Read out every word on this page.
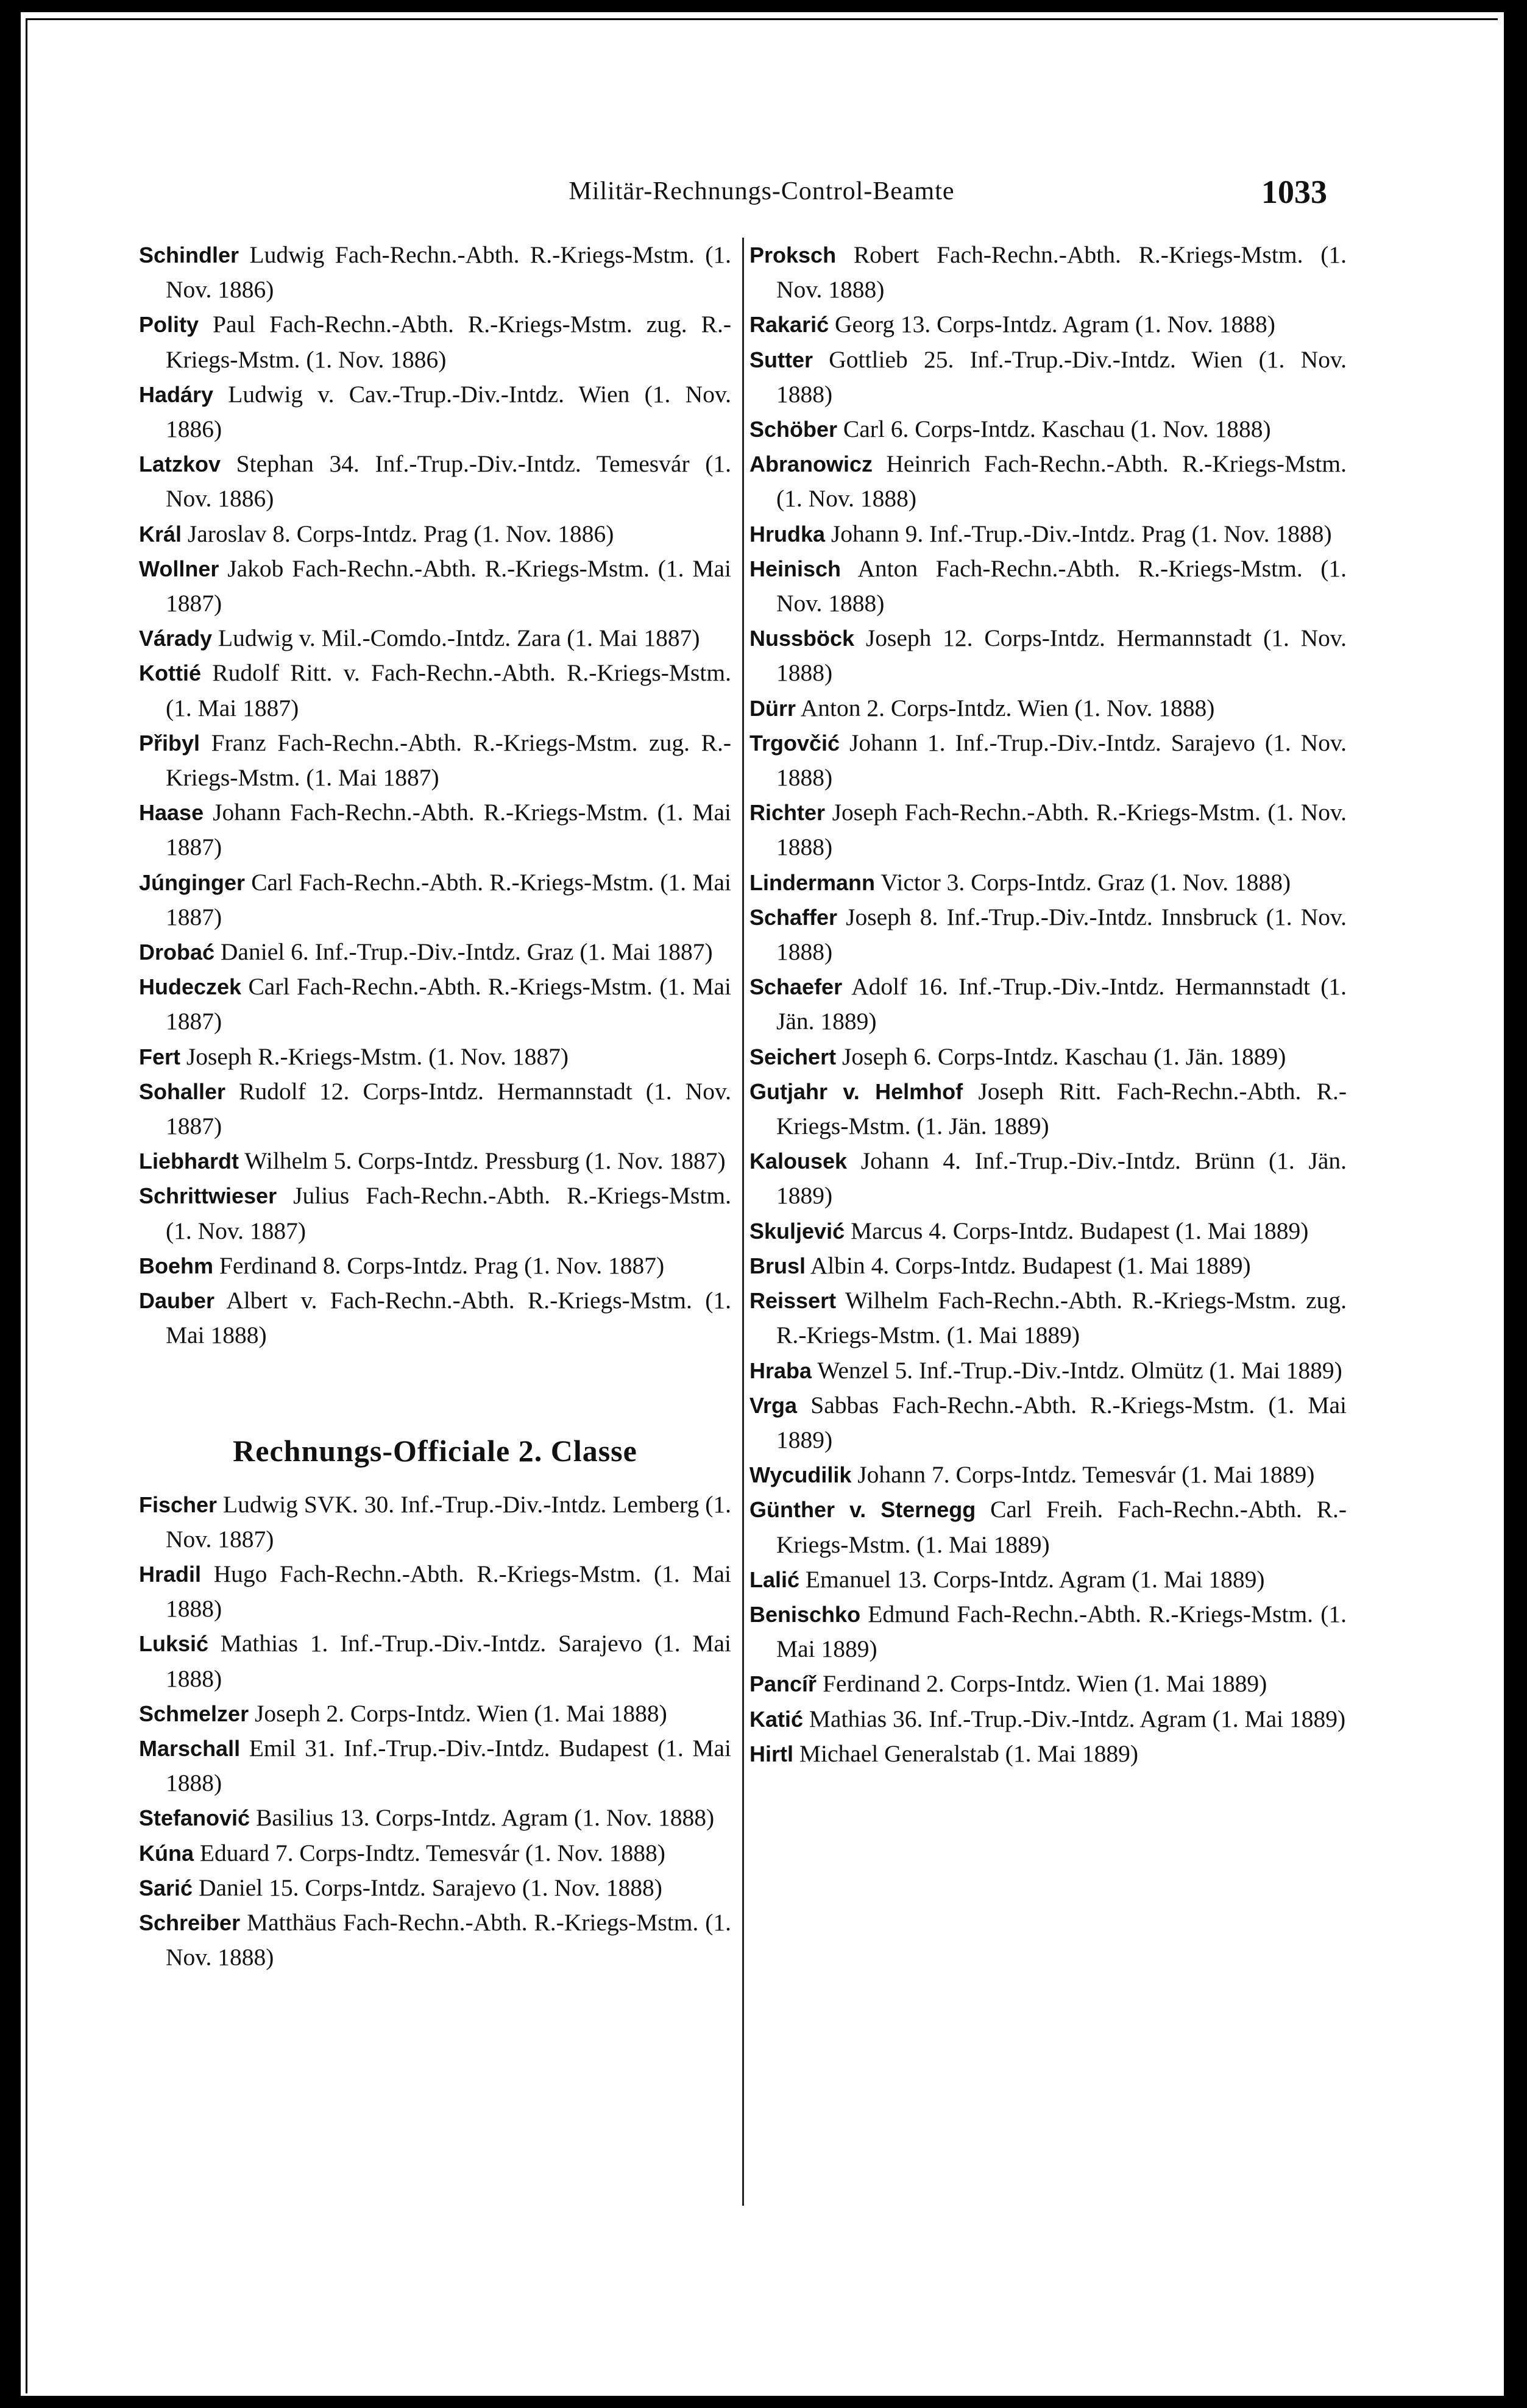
Militär-Rechnungs-Control-Beamte	1033

Schindler Ludwig Fach-Rechn.-Abth. R.-Kriegs-Mstm. (1. Nov. 1886)

Polity Paul Fach-Rechn.-Abth. R.-Kriegs-Mstm. zug. R.-Kriegs-Mstm. (1. Nov. 1886)

Hadáry Ludwig v. Cav.-Trup.-Div.-Intdz. Wien (1. Nov. 1886)

Latzkov Stephan 34. Inf.-Trup.-Div.-Intdz. Temesvár (1. Nov. 1886)

Král Jaroslav 8. Corps-Intdz. Prag (1. Nov. 1886)

Wollner Jakob Fach-Rechn.-Abth. R.-Kriegs-Mstm. (1. Mai 1887)

Várady Ludwig v. Mil.-Comdo.-Intdz. Zara (1. Mai 1887)

Kottié Rudolf Ritt. v. Fach-Rechn.-Abth. R.-Kriegs-Mstm. (1. Mai 1887)

Přibyl Franz Fach-Rechn.-Abth. R.-Kriegs-Mstm. zug. R.-Kriegs-Mstm. (1. Mai 1887)

Haase Johann Fach-Rechn.-Abth. R.-Kriegs-Mstm. (1. Mai 1887)

Júnginger Carl Fach-Rechn.-Abth. R.-Kriegs-Mstm. (1. Mai 1887)

Drobać Daniel 6. Inf.-Trup.-Div.-Intdz. Graz (1. Mai 1887)

Hudeczek Carl Fach-Rechn.-Abth. R.-Kriegs-Mstm. (1. Mai 1887)

Fert Joseph R.-Kriegs-Mstm. (1. Nov. 1887)

Sohaller Rudolf 12. Corps-Intdz. Hermannstadt (1. Nov. 1887)

Liebhardt Wilhelm 5. Corps-Intdz. Pressburg (1. Nov. 1887)

Schrittwieser Julius Fach-Rechn.-Abth. R.-Kriegs-Mstm. (1. Nov. 1887)

Boehm Ferdinand 8. Corps-Intdz. Prag (1. Nov. 1887)

Dauber Albert v. Fach-Rechn.-Abth. R.-Kriegs-Mstm. (1. Mai 1888)

Rechnungs-Officiale 2. Classe

Fischer Ludwig SVK. 30. Inf.-Trup.-Div.-Intdz. Lemberg (1. Nov. 1887)

Hradil Hugo Fach-Rechn.-Abth. R.-Kriegs-Mstm. (1. Mai 1888)

Luksić Mathias 1. Inf.-Trup.-Div.-Intdz. Sarajevo (1. Mai 1888)

Schmelzer Joseph 2. Corps-Intdz. Wien (1. Mai 1888)

Marschall Emil 31. Inf.-Trup.-Div.-Intdz. Budapest (1. Mai 1888)

Stefanović Basilius 13. Corps-Intdz. Agram (1. Nov. 1888)

Kúna Eduard 7. Corps-Indtz. Temesvár (1. Nov. 1888)

Sarić Daniel 15. Corps-Intdz. Sarajevo (1. Nov. 1888)

Schreiber Matthäus Fach-Rechn.-Abth. R.-Kriegs-Mstm. (1. Nov. 1888)

Proksch Robert Fach-Rechn.-Abth. R.-Kriegs-Mstm. (1. Nov. 1888)

Rakarić Georg 13. Corps-Intdz. Agram (1. Nov. 1888)

Sutter Gottlieb 25. Inf.-Trup.-Div.-Intdz. Wien (1. Nov. 1888)

Schöber Carl 6. Corps-Intdz. Kaschau (1. Nov. 1888)

Abranowicz Heinrich Fach-Rechn.-Abth. R.-Kriegs-Mstm. (1. Nov. 1888)

Hrudka Johann 9. Inf.-Trup.-Div.-Intdz. Prag (1. Nov. 1888)

Heinisch Anton Fach-Rechn.-Abth. R.-Kriegs-Mstm. (1. Nov. 1888)

Nussböck Joseph 12. Corps-Intdz. Hermannstadt (1. Nov. 1888)

Dürr Anton 2. Corps-Intdz. Wien (1. Nov. 1888)

Trgovčić Johann 1. Inf.-Trup.-Div.-Intdz. Sarajevo (1. Nov. 1888)

Richter Joseph Fach-Rechn.-Abth. R.-Kriegs-Mstm. (1. Nov. 1888)

Lindermann Victor 3. Corps-Intdz. Graz (1. Nov. 1888)

Schaffer Joseph 8. Inf.-Trup.-Div.-Intdz. Innsbruck (1. Nov. 1888)

Schaefer Adolf 16. Inf.-Trup.-Div.-Intdz. Hermannstadt (1. Jän. 1889)

Seichert Joseph 6. Corps-Intdz. Kaschau (1. Jän. 1889)

Gutjahr v. Helmhof Joseph Ritt. Fach-Rechn.-Abth. R.-Kriegs-Mstm. (1. Jän. 1889)

Kalousek Johann 4. Inf.-Trup.-Div.-Intdz. Brünn (1. Jän. 1889)

Skuljević Marcus 4. Corps-Intdz. Budapest (1. Mai 1889)

Brusl Albin 4. Corps-Intdz. Budapest (1. Mai 1889)

Reissert Wilhelm Fach-Rechn.-Abth. R.-Kriegs-Mstm. zug. R.-Kriegs-Mstm. (1. Mai 1889)

Hraba Wenzel 5. Inf.-Trup.-Div.-Intdz. Olmütz (1. Mai 1889)

Vrga Sabbas Fach-Rechn.-Abth. R.-Kriegs-Mstm. (1. Mai 1889)

Wycudilik Johann 7. Corps-Intdz. Temesvár (1. Mai 1889)

Günther v. Sternegg Carl Freih. Fach-Rechn.-Abth. R.-Kriegs-Mstm. (1. Mai 1889)

Lalić Emanuel 13. Corps-Intdz. Agram (1. Mai 1889)

Benischko Edmund Fach-Rechn.-Abth. R.-Kriegs-Mstm. (1. Mai 1889)

Pancíř Ferdinand 2. Corps-Intdz. Wien (1. Mai 1889)

Katić Mathias 36. Inf.-Trup.-Div.-Intdz. Agram (1. Mai 1889)

Hirtl Michael Generalstab (1. Mai 1889)
